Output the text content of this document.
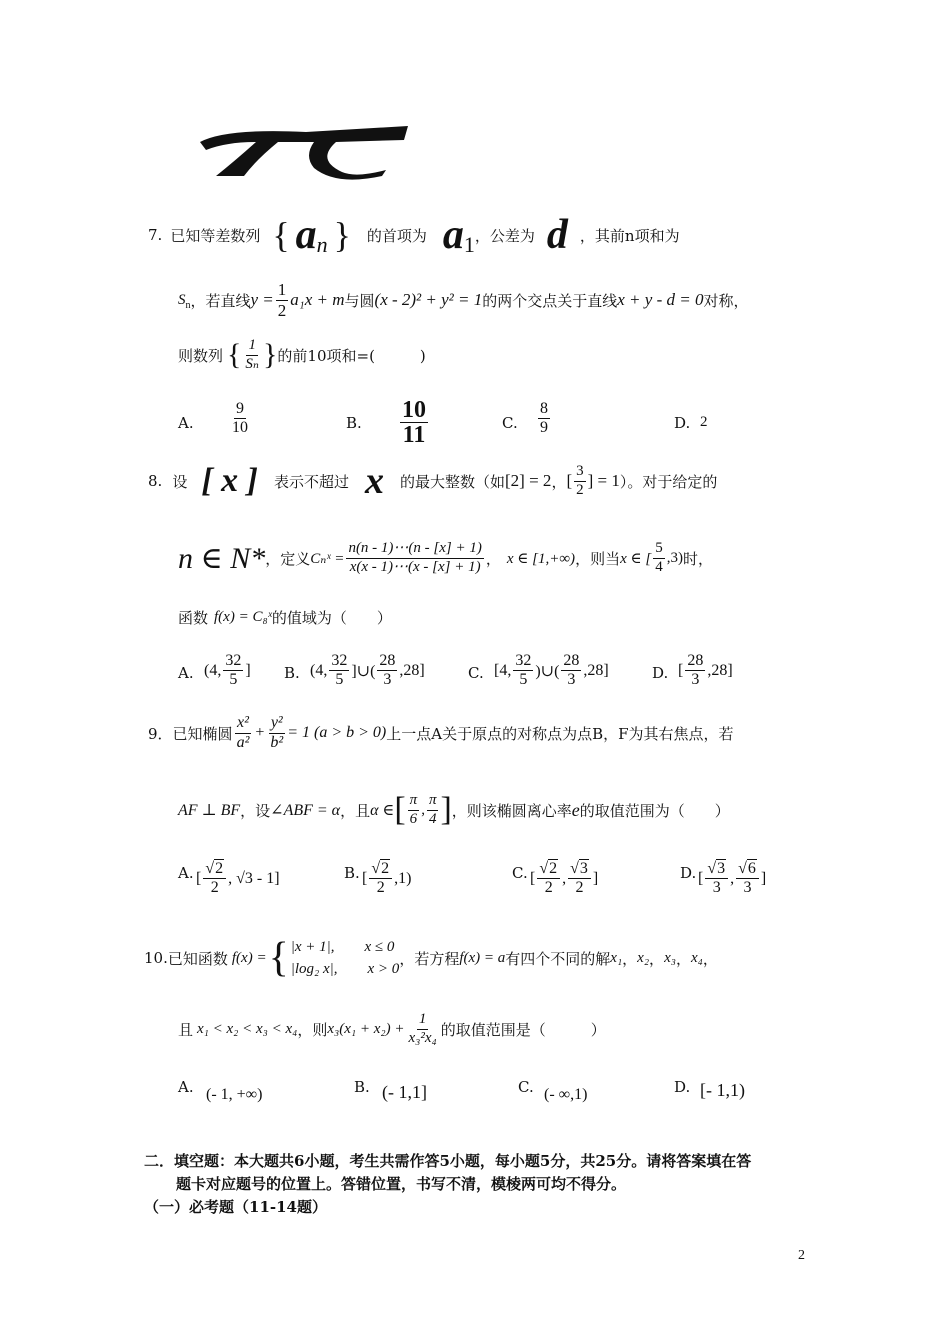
7. 已知等差数列 { a n } 的首项为 a 1 ，公差为 d ，其前n项和为
S n ，若直线 $y = \frac{1}{2} a_1x + m$ 与圆 (x - 2)² + y² = 1 的两个交点关于直线 x + y - d = 0 对称，
则数列 { $\frac{1}{\text{Sₙ}}$ } 的前10项和=(　　　)
A. $\frac{9}{10}$	B. $\frac{10}{11}$	C. $\frac{8}{9}$	D. 2
8. 设 [ x ] 表示不超过 x 的最大整数（如 [2] = 2 ， [ $\frac{3}{2}$ ] = 1 ）。对于给定的
n ∈ N* ，定义 Cₙˣ = $\frac{n(n - 1)\cdots(n - [x] + 1)}{x(x - 1)\cdots(x - [x] + 1)}$ ， x ∈ [1,+∞) ，则当 x ∈ [ $\frac{5}{4} ,3$) 时，
函数 f(x) = C₈ˣ 的值域为（　　）
A. (4, $\frac{32}{5}$ ] B. (4, $\frac{32}{5}$ ]∪( $\frac{28}{3} ,28$]	C. [4, $\frac{32}{5}$ )∪( $\frac{28}{3} ,28$]	D. [ $\frac{28}{3} ,28$]
9． 已知椭圆 $\frac{\text{x²}}{\text{a²}} + \frac{\text{y²}}{\text{b²}} = 1$ (a > b > 0) 上一点A关于原点的对称点为点B，F为其右焦点，若
AF ⊥ BF ，设 ∠ABF = α ，且 α ∈ [ $\frac{\pi}{6}$ , $\frac{\pi}{4}$ ] ，则该椭圆离心率 e 的取值范围为（　　）
A. [ $\frac{√2}{2}$ , √3 - 1]	B. [ $\frac{√2}{2} ,1$)	C. [ $\frac{√2}{2}$ , $\frac{√3}{2}$ ]	D. [ $\frac{√3}{3}$ , $\frac{√6}{3}$ ]
10. 已知函数 f(x) = { |x + 1|,　　x ≤ 0
|log₂ x|,　　x > 0
，若方程 f(x) = a 有四个不同的解 x₁ ， x₂ ， x₃ ， x₄ ，
且 x₁ < x₂ < x₃ < x₄ ，则 $x_3(x_1 + x_2) + \frac{1}{\text{x₃²x₄}}$ 的取值范围是（　　　）
A. (- 1, +∞)	B. (- 1,1]	C. (- ∞,1)	D. [- 1,1)
二．填空题：本大题共6小题，考生共需作答5小题，每小题5分，共25分。请将答案填在答
题卡对应题号的位置上。答错位置，书写不清，模棱两可均不得分。
（一）必考题（11-14题）
2
